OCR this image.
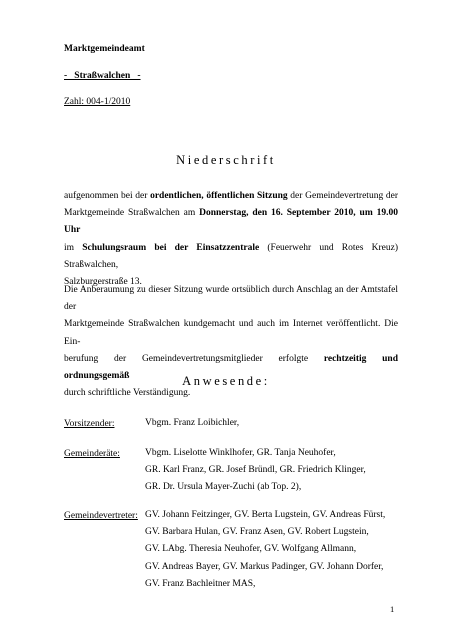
Marktgemeindeamt
-   Straßwalchen   -
Zahl: 004-1/2010
Niederschrift
aufgenommen bei der ordentlichen, öffentlichen Sitzung der Gemeindevertretung der
Marktgemeinde Straßwalchen am Donnerstag, den 16. September 2010, um 19.00 Uhr
im Schulungsraum bei der Einsatzzentrale (Feuerwehr und Rotes Kreuz) Straßwalchen,
Salzburgerstraße 13.
Die Anberaumung zu dieser Sitzung wurde ortsüblich durch Anschlag an der Amtstafel der
Marktgemeinde Straßwalchen kundgemacht und auch im Internet veröffentlicht. Die Ein-
berufung der Gemeindevertretungsmitglieder erfolgte rechtzeitig und ordnungsgemäß
durch schriftliche Verständigung.
Anwesende:
Vorsitzender:	Vbgm. Franz Loibichler,
Gemeinderäte:	Vbgm. Liselotte Winklhofer, GR. Tanja Neuhofer,
GR. Karl Franz, GR. Josef Bründl, GR. Friedrich Klinger,
GR. Dr. Ursula Mayer-Zuchi (ab Top. 2),
Gemeindevertreter: GV. Johann Feitzinger, GV. Berta Lugstein, GV. Andreas Fürst,
GV. Barbara Hulan, GV. Franz Asen, GV. Robert Lugstein,
GV. LAbg. Theresia Neuhofer, GV. Wolfgang Allmann,
GV. Andreas Bayer, GV. Markus Padinger, GV. Johann Dorfer,
GV. Franz Bachleitner MAS,
1
